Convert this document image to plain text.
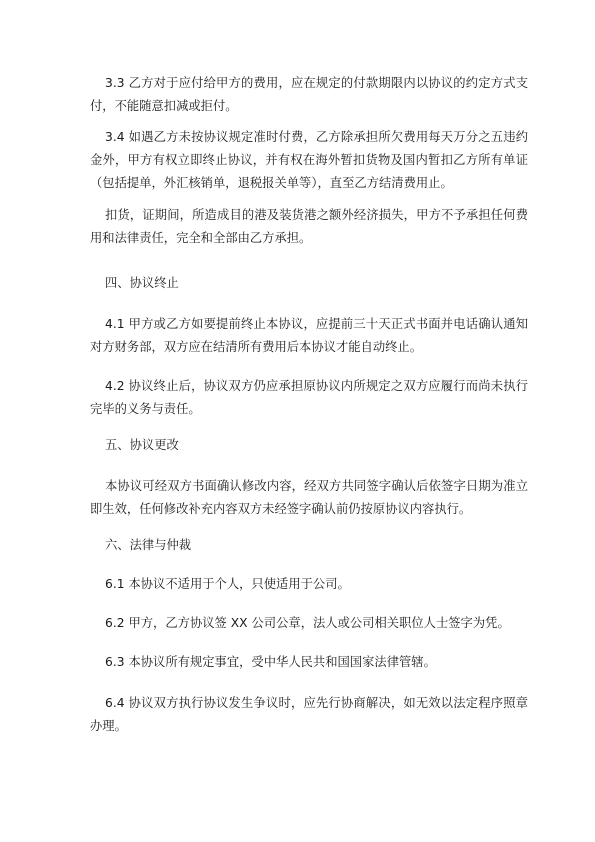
3.3 乙方对于应付给甲方的费用，应在规定的付款期限内以协议的约定方式支付，不能随意扣减或拒付。

3.4 如遇乙方未按协议规定准时付费，乙方除承担所欠费用每天万分之五违约金外，甲方有权立即终止协议，并有权在海外暂扣货物及国内暂扣乙方所有单证（包括提单，外汇核销单，退税报关单等），直至乙方结清费用止。

扣货，证期间，所造成目的港及装货港之额外经济损失，甲方不予承担任何费用和法律责任，完全和全部由乙方承担。

四、协议终止

4.1 甲方或乙方如要提前终止本协议，应提前三十天正式书面并电话确认通知对方财务部，双方应在结清所有费用后本协议才能自动终止。

4.2 协议终止后，协议双方仍应承担原协议内所规定之双方应履行而尚未执行完毕的义务与责任。

五、协议更改

本协议可经双方书面确认修改内容，经双方共同签字确认后依签字日期为准立即生效，任何修改补充内容双方未经签字确认前仍按原协议内容执行。

六、法律与仲裁

6.1 本协议不适用于个人，只使适用于公司。

6.2 甲方，乙方协议签 XX 公司公章，法人或公司相关职位人士签字为凭。

6.3 本协议所有规定事宜，受中华人民共和国国家法律管辖。

6.4 协议双方执行协议发生争议时，应先行协商解决，如无效以法定程序照章办理。
